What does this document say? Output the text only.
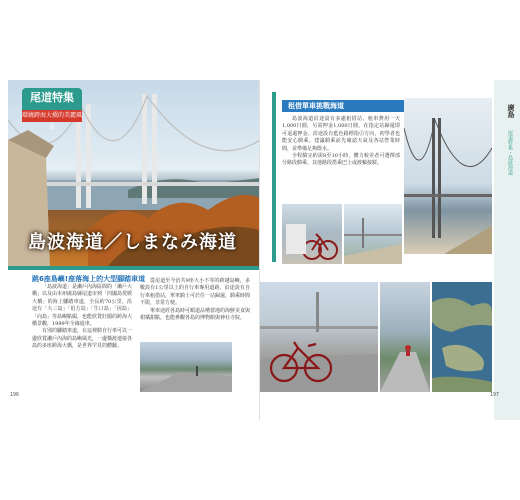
尾道特集
環繞跨海大橋的美麗風景
島波海道／しまなみ海道
跳6座島嶼!座落海上的大型腳踏車道

「島波海道」是瀨戶內海區間的「瀨戶大橋」以及由本州廣島縣尾道市到「四國島愛媛大橋」的海上腳踏車道，全長約70公里，沿途有「大三島」「伯方島」「生口島」「因島」「向島」等島嶼點綴，也能欣賞壯闊的跨海大橋景觀，1999年全線通車。

有別的腳踏車道，在這裡騎自行車可以一邊欣賞瀨戶內海的島嶼風光，一邊橫渡連接各島的多座跨海大橋，是世界罕見的體驗。

從尾道至今治共9座大小不等的跨越島嶼，多數設有1公里以上的自行車專用道路，沿途設有自行車租借站，單車騎士可於任一站歸還，騎乘時間不限，非常方便。

單車途經各島時可順道品嚐當地的海鮮美食與柑橘甜點，也能參觀各島的博物館與神社寺院。

196
租借單車挑戰海道

島波海道沿途設有多處租借站，租車費用一天1,000日圓，另需押金1,000日圓，在指定站歸還即可退還押金。沿途設有藍色路標指引方向，初學者也能安心騎乘。建議騎乘前先確認天氣及各站營業時間，並準備足夠飲水。

全程騎完約需8至10小時，體力較差者可選擇部分路段騎乘，其他路段搭乘巴士或渡輪接駁。

廣島
尾道特集・島波海道
197
